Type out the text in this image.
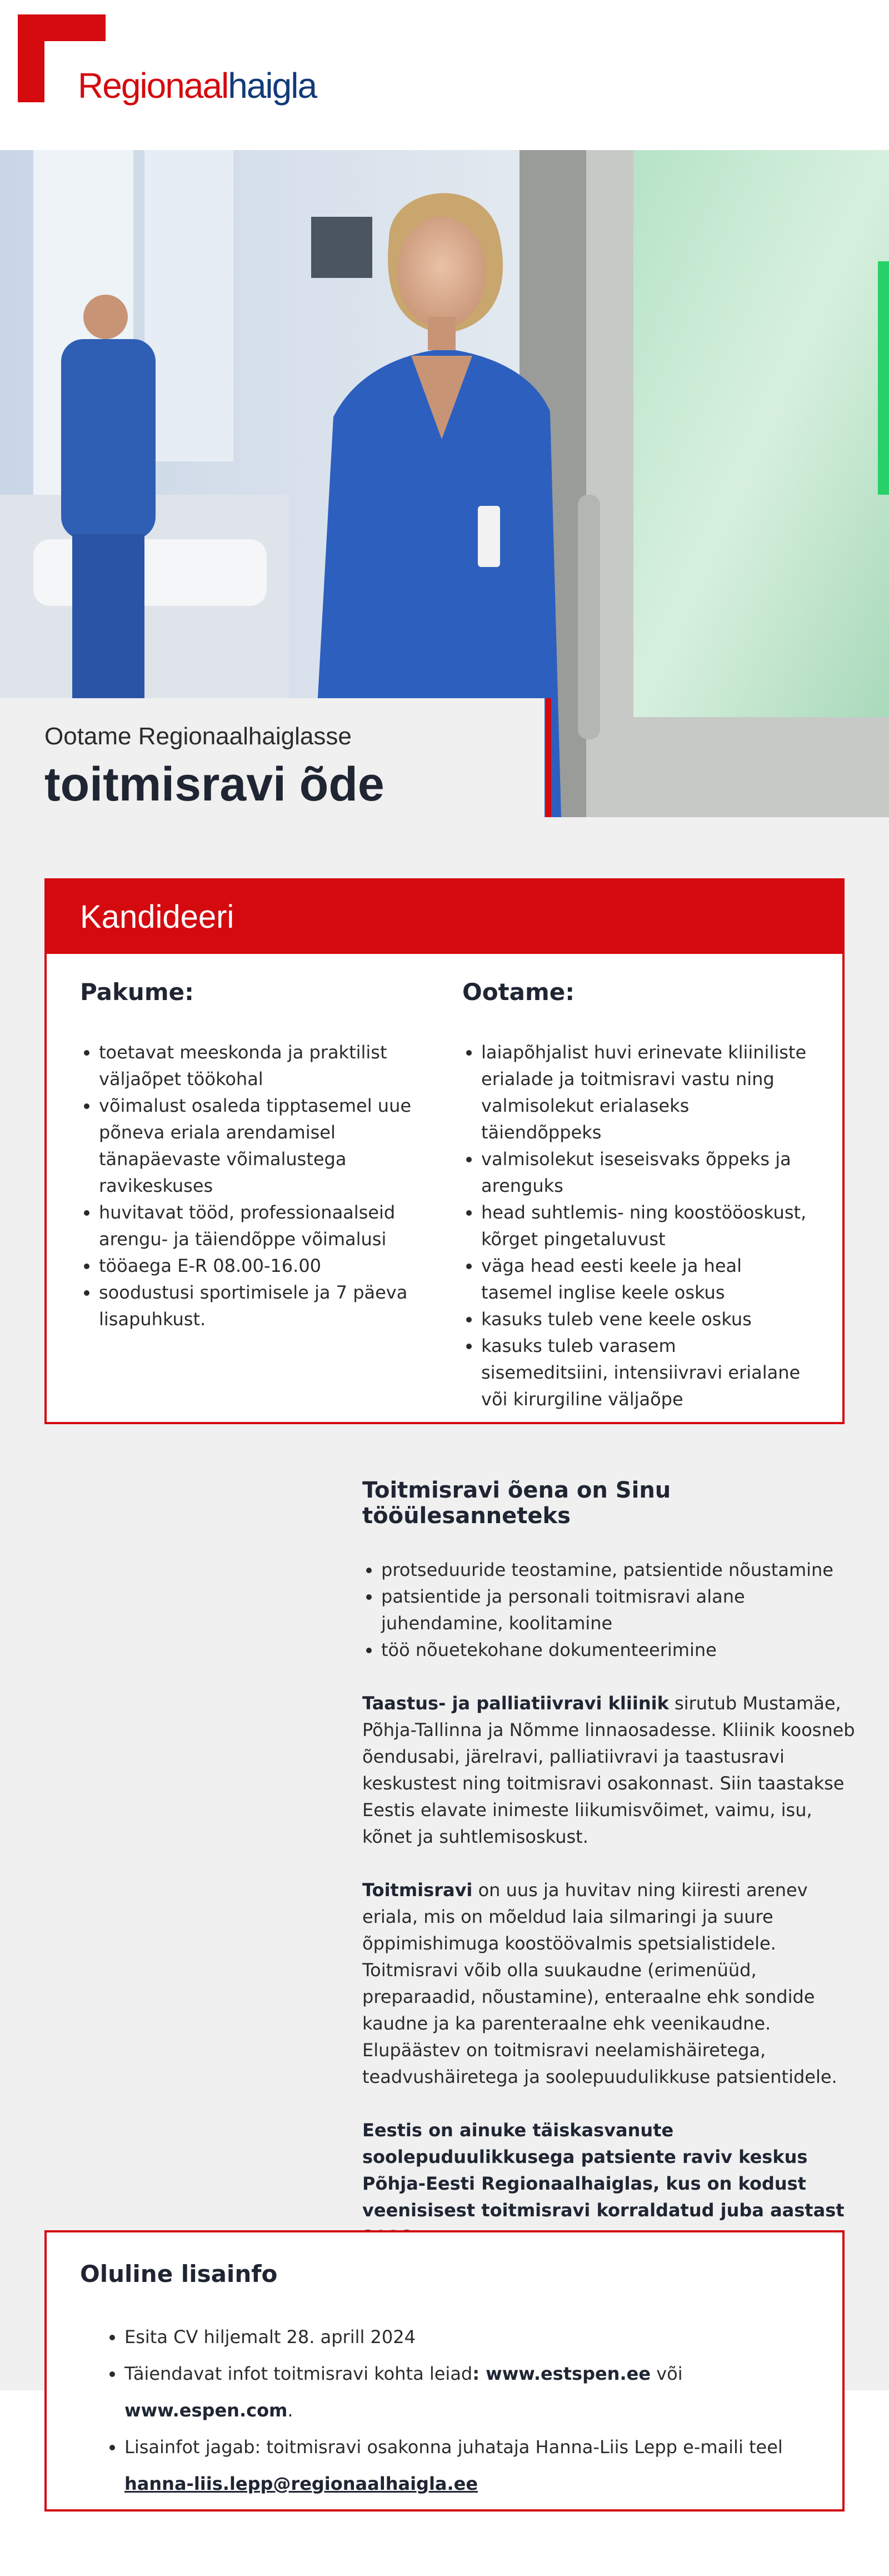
Regionaalhaigla
Ootame Regionaalhaiglasse
toitmisravi õde
Kandideeri
Pakume:
• toetavat meeskonda ja praktilist väljaõpet töökohal
• võimalust osaleda tipptasemel uue põneva eriala arendamisel tänapäevaste võimalustega ravikeskuses
• huvitavat tööd, professionaalseid arengu- ja täiendõppe võimalusi
• tööaega E-R 08.00-16.00
• soodustusi sportimisele ja 7 päeva lisapuhkust.
Ootame:
• laiapõhjalist huvi erinevate kliiniliste erialade ja toitmisravi vastu ning valmisolekut erialaseks täiendõppeks
• valmisolekut iseseisvaks õppeks ja arenguks
• head suhtlemis- ning koostööoskust, kõrget pingetaluvust
• väga head eesti keele ja heal tasemel inglise keele oskus
• kasuks tuleb vene keele oskus
• kasuks tuleb varasem sisemeditsiini, intensiivravi erialane või kirurgiline väljaõpe
Toitmisravi õena on Sinu tööülesanneteks
• protseduuride teostamine, patsientide nõustamine
• patsientide ja personali toitmisravi alane juhendamine, koolitamine
• töö nõuetekohane dokumenteerimine

Taastus- ja palliatiivravi kliinik sirutub Mustamäe, Põhja-Tallinna ja Nõmme linnaosadesse. Kliinik koosneb õendusabi, järelravi, palliatiivravi ja taastusravi keskustest ning toitmisravi osakonnast. Siin taastakse Eestis elavate inimeste liikumisvõimet, vaimu, isu, kõnet ja suhtlemisoskust.

Toitmisravi on uus ja huvitav ning kiiresti arenev eriala, mis on mõeldud laia silmaringi ja suure õppimishimuga koostöövalmis spetsialistidele. Toitmisravi võib olla suukaudne (erimenüüd, preparaadid, nõustamine), enteraalne ehk sondide kaudne ja ka parenteraalne ehk veenikaudne. Elupäästev on toitmisravi neelamishäiretega, teadvushäiretega ja soolepuudulikkuse patsientidele.

Eestis on ainuke täiskasvanute soolepuduulikkusega patsiente raviv keskus Põhja-Eesti Regionaalhaiglas, kus on kodust veenisisest toitmisravi korraldatud juba aastast

Oluline lisainfo
• Esita CV hiljemalt 28. aprill 2024
• Täiendavat infot toitmisravi kohta leiad: www.estspen.ee või www.espen.com.
• Lisainfot jagab: toitmisravi osakonna juhataja Hanna-Liis Lepp e-maili teel hanna-liis.lepp@regionaalhaigla.ee
